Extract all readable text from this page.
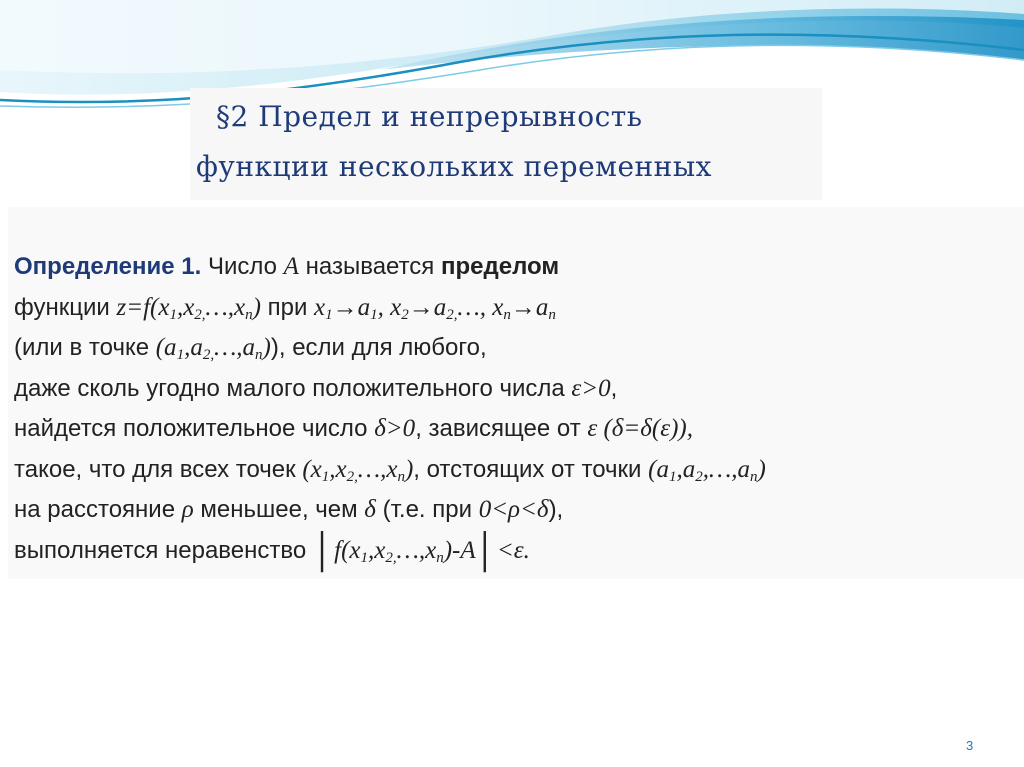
§2 Предел и непрерывность
функции нескольких переменных
Определение 1. Число A называется пределом
функции $z=f(x_1,x_{2,}\dots,x_n)$ при $x_1\to a_1$, $x_2\to a_{2,}\dots$, $x_n\to a_n$
(или в точке $(a_1,a_{2,}\dots,a_n)$), если для любого,
даже сколь угодно малого положительного числа ε>0,
найдется положительное число δ>0, зависящее от ε (δ=δ(ε)),
такое, что для всех точек $(x_1,x_{2,}\dots,x_n)$, отстоящих от точки $(a_1,a_2,\dots,a_n)$
на расстояние ρ меньшее, чем δ (т.е. при 0<ρ<δ),
выполняется неравенство $│f(x_1,x_{2,}\dots,x_n)-A│<\varepsilon$.
3
